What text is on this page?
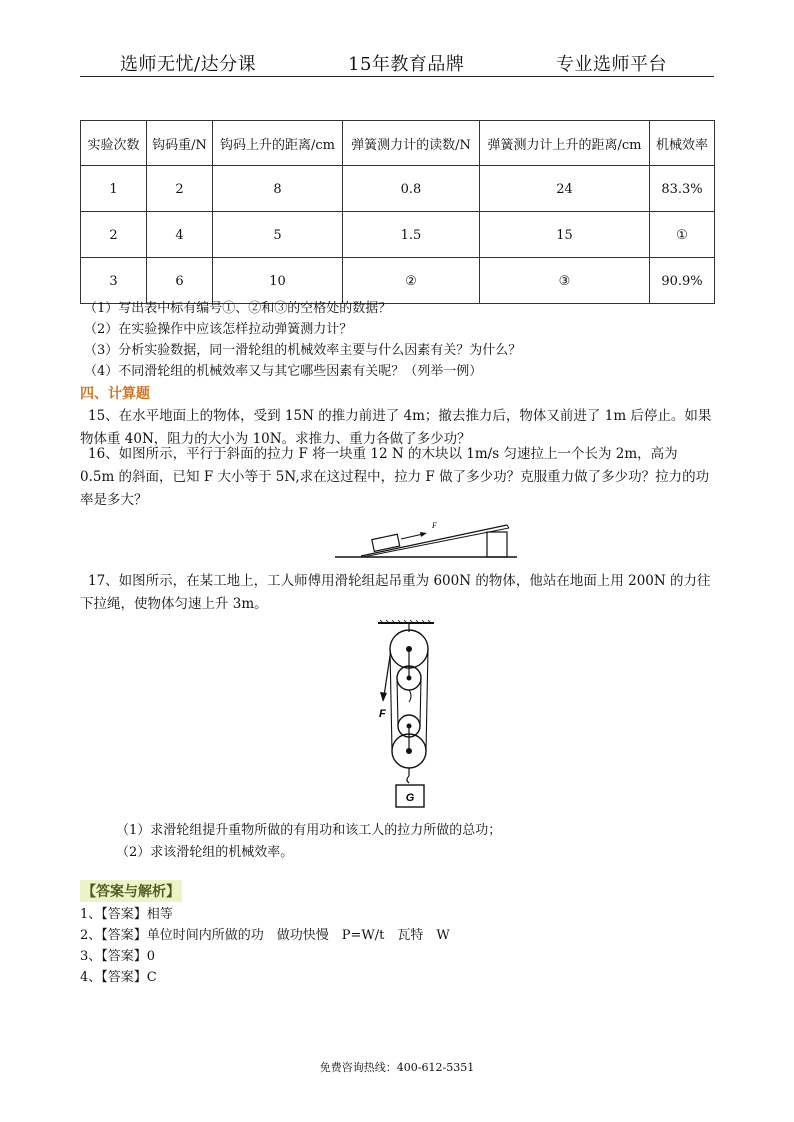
选师无忧/达分课	15年教育品牌	专业选师平台
实验次数	钩码重/N	钩码上升的距离/cm	弹簧测力计的读数/N	弹簧测力计上升的距离/cm	机械效率
1	2	8	0.8	24	83.3%
2	4	5	1.5	15	①
3	6	10	②	③	90.9%
（1）写出表中标有编号①、②和③的空格处的数据？
（2）在实验操作中应该怎样拉动弹簧测力计？
（3）分析实验数据，同一滑轮组的机械效率主要与什么因素有关？为什么？
（4）不同滑轮组的机械效率又与其它哪些因素有关呢？（列举一例）
四、计算题
15、在水平地面上的物体，受到 15N 的推力前进了 4m；撤去推力后，物体又前进了 1m 后停止。如果物体重 40N，阻力的大小为 10N。求推力、重力各做了多少功？
16、如图所示，平行于斜面的拉力 F 将一块重 12 N 的木块以 1m/s 匀速拉上一个长为 2m，高为 0.5m 的斜面，已知 F 大小等于 5N,求在这过程中，拉力 F 做了多少功？克服重力做了多少功？拉力的功率是多大？
F
17、如图所示，在某工地上，工人师傅用滑轮组起吊重为 600N 的物体，他站在地面上用 200N 的力往下拉绳，使物体匀速上升 3m。
F
G
（1）求滑轮组提升重物所做的有用功和该工人的拉力所做的总功；
（2）求该滑轮组的机械效率。
【答案与解析】
1、【答案】相等
2、【答案】单位时间内所做的功　做功快慢　P=W/t　瓦特　W
3、【答案】0
4、【答案】C
免费咨询热线：400-612-5351
